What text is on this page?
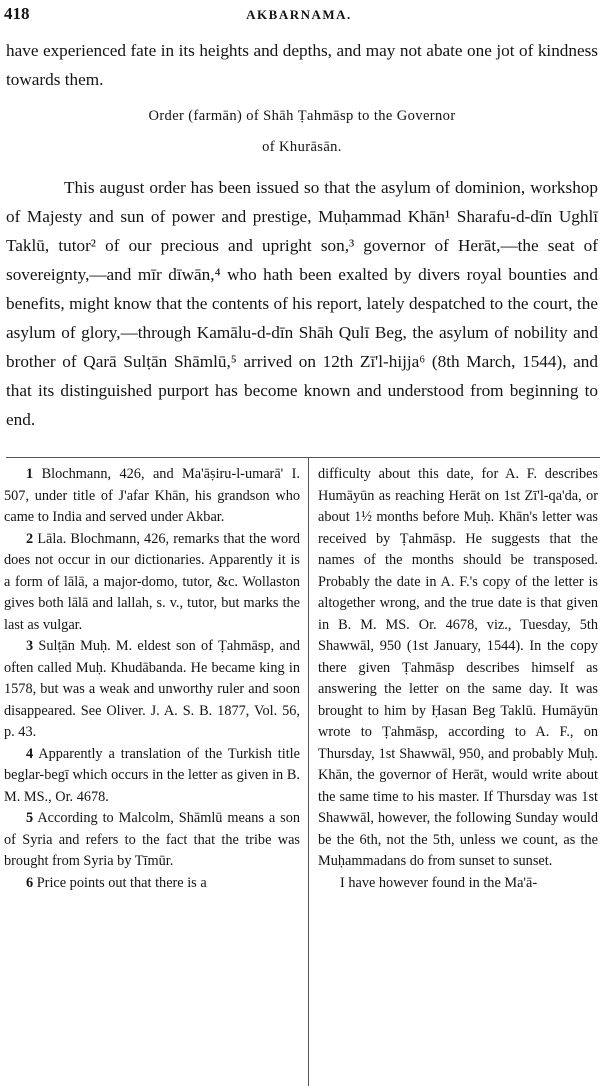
418	AKBARNAMA.

have experienced fate in its heights and depths, and may not abate one jot of kindness towards them.

Order (farmān) of Shāh Ṭahmāsp to the Governor
of Khurāsān.

This august order has been issued so that the asylum of dominion, workshop of Majesty and sun of power and prestige, Muḥammad Khān¹ Sharafu-d-dīn Ughlī Taklū, tutor² of our precious and upright son,³ governor of Herāt,—the seat of sovereignty,—and mīr dīwān,⁴ who hath been exalted by divers royal bounties and benefits, might know that the contents of his report, lately despatched to the court, the asylum of glory,—through Kamālu-d-dīn Shāh Qulī Beg, the asylum of nobility and brother of Qarā Sulṭān Shāmlū,⁵ arrived on 12th Zī'l-hijja⁶ (8th March, 1544), and that its distinguished purport has become known and understood from beginning to end.

1 Blochmann, 426, and Ma'āṣiru-l-umarā' I. 507, under title of J'afar Khān, his grandson who came to India and served under Akbar.

2 Lāla. Blochmann, 426, remarks that the word does not occur in our dictionaries. Apparently it is a form of lālā, a major-domo, tutor, &c. Wollaston gives both lālā and lallah, s. v., tutor, but marks the last as vulgar.

3 Sulṭān Muḥ. M. eldest son of Ṭahmāsp, and often called Muḥ. Khudābanda. He became king in 1578, but was a weak and unworthy ruler and soon disappeared. See Oliver. J. A. S. B. 1877, Vol. 56, p. 43.

4 Apparently a translation of the Turkish title beglar-begī which occurs in the letter as given in B. M. MS., Or. 4678.

5 According to Malcolm, Shāmlū means a son of Syria and refers to the fact that the tribe was brought from Syria by Tīmūr.

6 Price points out that there is a

difficulty about this date, for A. F. describes Humāyūn as reaching Herāt on 1st Zī'l-qa'da, or about 1½ months before Muḥ. Khān's letter was received by Ṭahmāsp. He suggests that the names of the months should be transposed. Probably the date in A. F.'s copy of the letter is altogether wrong, and the true date is that given in B. M. MS. Or. 4678, viz., Tuesday, 5th Shawwāl, 950 (1st January, 1544). In the copy there given Ṭahmāsp describes himself as answering the letter on the same day. It was brought to him by Ḥasan Beg Taklū. Humāyūn wrote to Ṭahmāsp, according to A. F., on Thursday, 1st Shawwāl, 950, and probably Muḥ. Khān, the governor of Herāt, would write about the same time to his master. If Thursday was 1st Shawwāl, however, the following Sunday would be the 6th, not the 5th, unless we count, as the Muḥammadans do from sunset to sunset.

I have however found in the Ma'ā-
